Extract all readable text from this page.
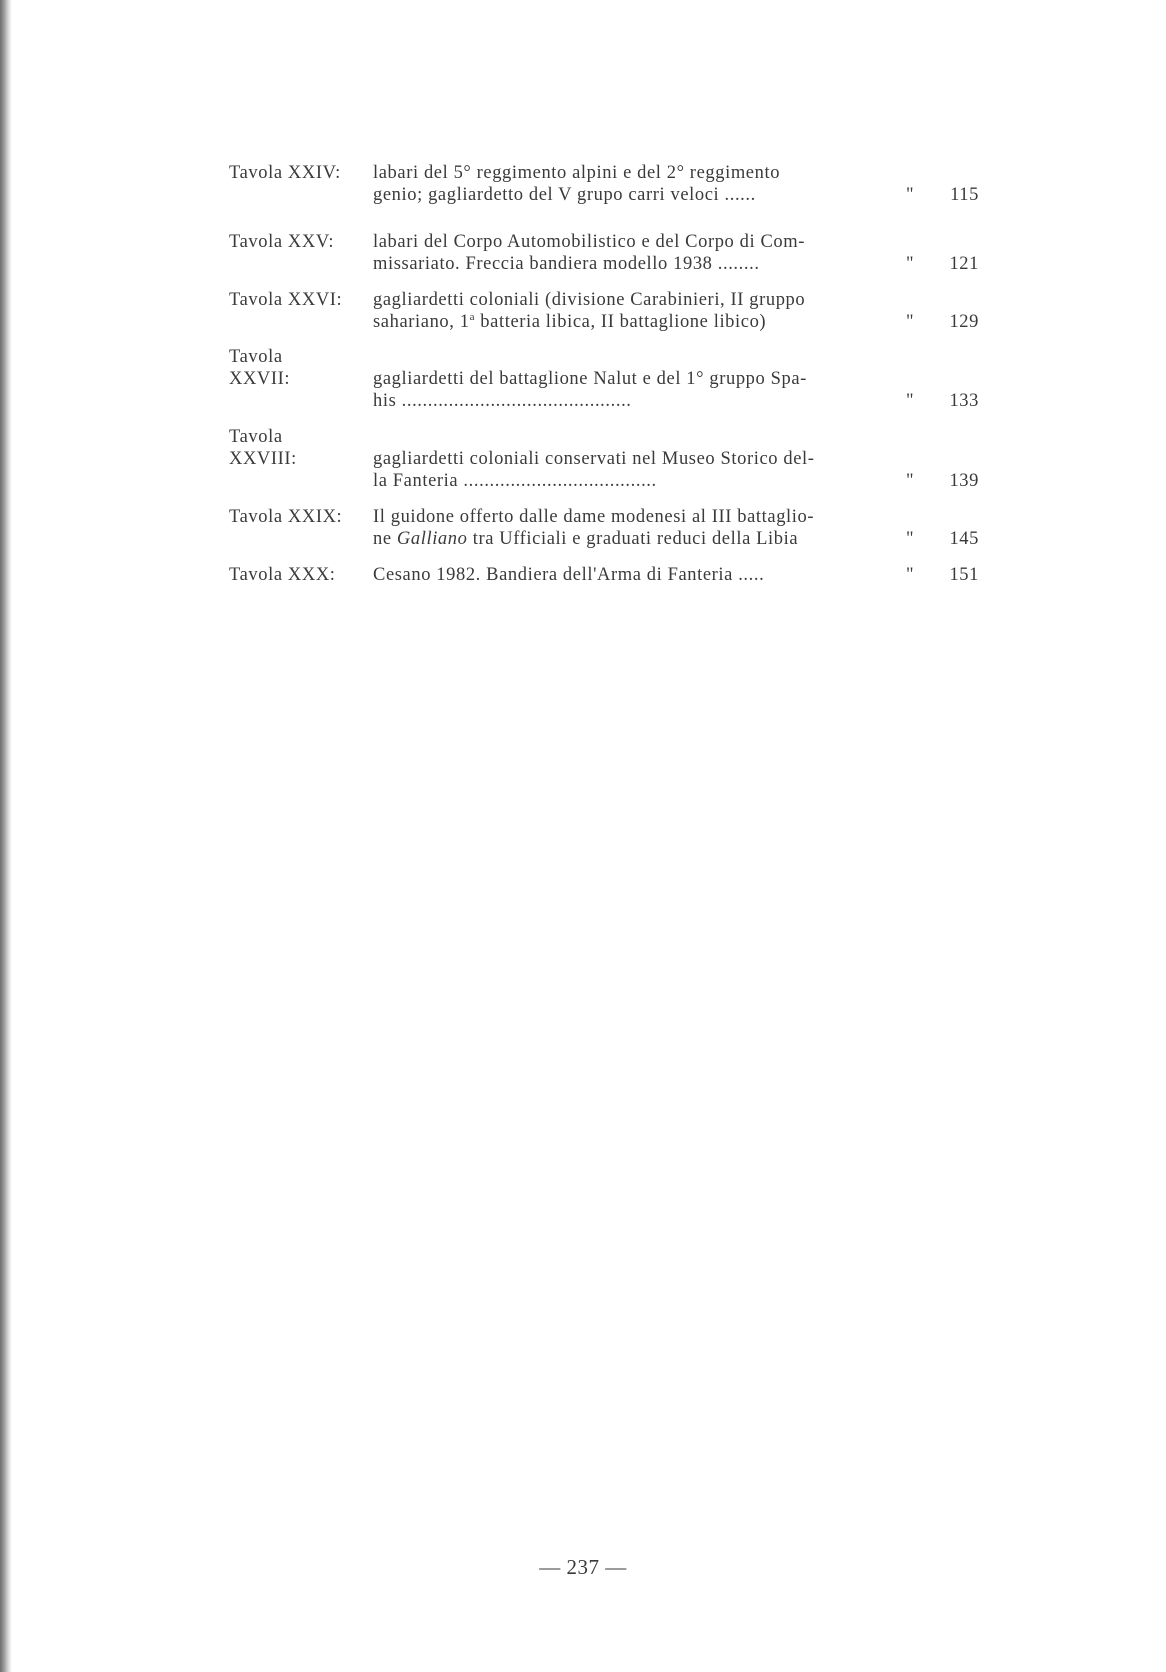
Tavola XXIV: labari del 5° reggimento alpini e del 2° reggimento
genio; gagliardetto del V grupo carri veloci ......	"	115
Tavola XXV: labari del Corpo Automobilistico e del Corpo di Com-
missariato. Freccia bandiera modello 1938 ........	"	121
Tavola XXVI: gagliardetti coloniali (divisione Carabinieri, II gruppo
sahariano, 1$^a$ batteria libica, II battaglione libico)	"	129
Tavola
XXVII:	gagliardetti del battaglione Nalut e del 1° gruppo Spa-
his ............................................	"	133
Tavola
XXVIII:	gagliardetti coloniali conservati nel Museo Storico del-
la Fanteria .....................................	"	139
Tavola XXIX: Il guidone offerto dalle dame modenesi al III battaglio-
ne Galliano tra Ufficiali e graduati reduci della Libia	"	145
Tavola XXX: Cesano 1982. Bandiera dell'Arma di Fanteria .....	"	151
— 237 —
